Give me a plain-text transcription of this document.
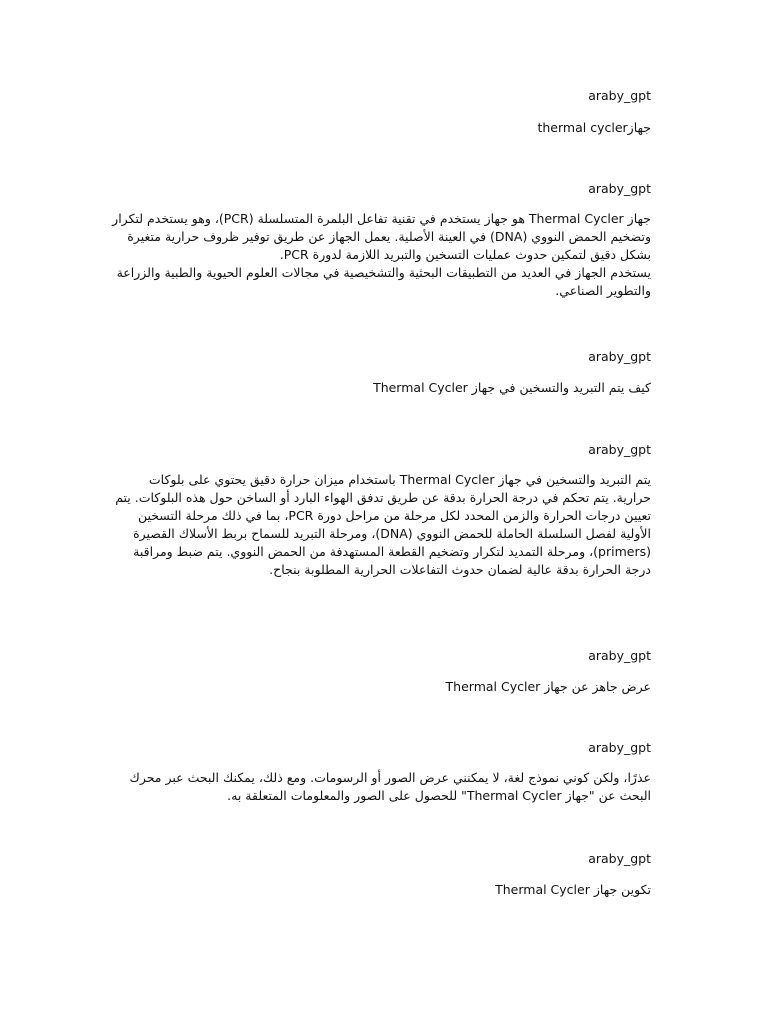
araby_gpt
جهازthermal cycler
araby_gpt
جهاز Thermal Cycler هو جهاز يستخدم في تقنية تفاعل البلمرة المتسلسلة (PCR)، وهو يستخدم لتكرار وتضخيم الحمض النووي (DNA) في العينة الأصلية. يعمل الجهاز عن طريق توفير ظروف حرارية متغيرة بشكل دقيق لتمكين حدوث عمليات التسخين والتبريد اللازمة لدورة PCR.
يستخدم الجهاز في العديد من التطبيقات البحثية والتشخيصية في مجالات العلوم الحيوية والطبية والزراعة والتطوير الصناعي.
araby_gpt
كيف يتم التبريد والتسخين في جهاز Thermal Cycler
araby_gpt
يتم التبريد والتسخين في جهاز Thermal Cycler باستخدام ميزان حرارة دقيق يحتوي على بلوكات حرارية. يتم تحكم في درجة الحرارة بدقة عن طريق تدفق الهواء البارد أو الساخن حول هذه البلوكات. يتم تعيين درجات الحرارة والزمن المحدد لكل مرحلة من مراحل دورة PCR، بما في ذلك مرحلة التسخين الأولية لفصل السلسلة الحاملة للحمض النووي (DNA)، ومرحلة التبريد للسماح بربط الأسلاك القصيرة (primers)، ومرحلة التمديد لتكرار وتضخيم القطعة المستهدفة من الحمض النووي. يتم ضبط ومراقبة درجة الحرارة بدقة عالية لضمان حدوث التفاعلات الحرارية المطلوبة بنجاح.
araby_gpt
عرض جاهز عن جهاز Thermal Cycler
araby_gpt
عذرًا، ولكن كوني نموذج لغة، لا يمكنني عرض الصور أو الرسومات. ومع ذلك، يمكنك البحث عبر محرك البحث عن "جهاز Thermal Cycler" للحصول على الصور والمعلومات المتعلقة به.
araby_gpt
تكوين جهاز Thermal Cycler
